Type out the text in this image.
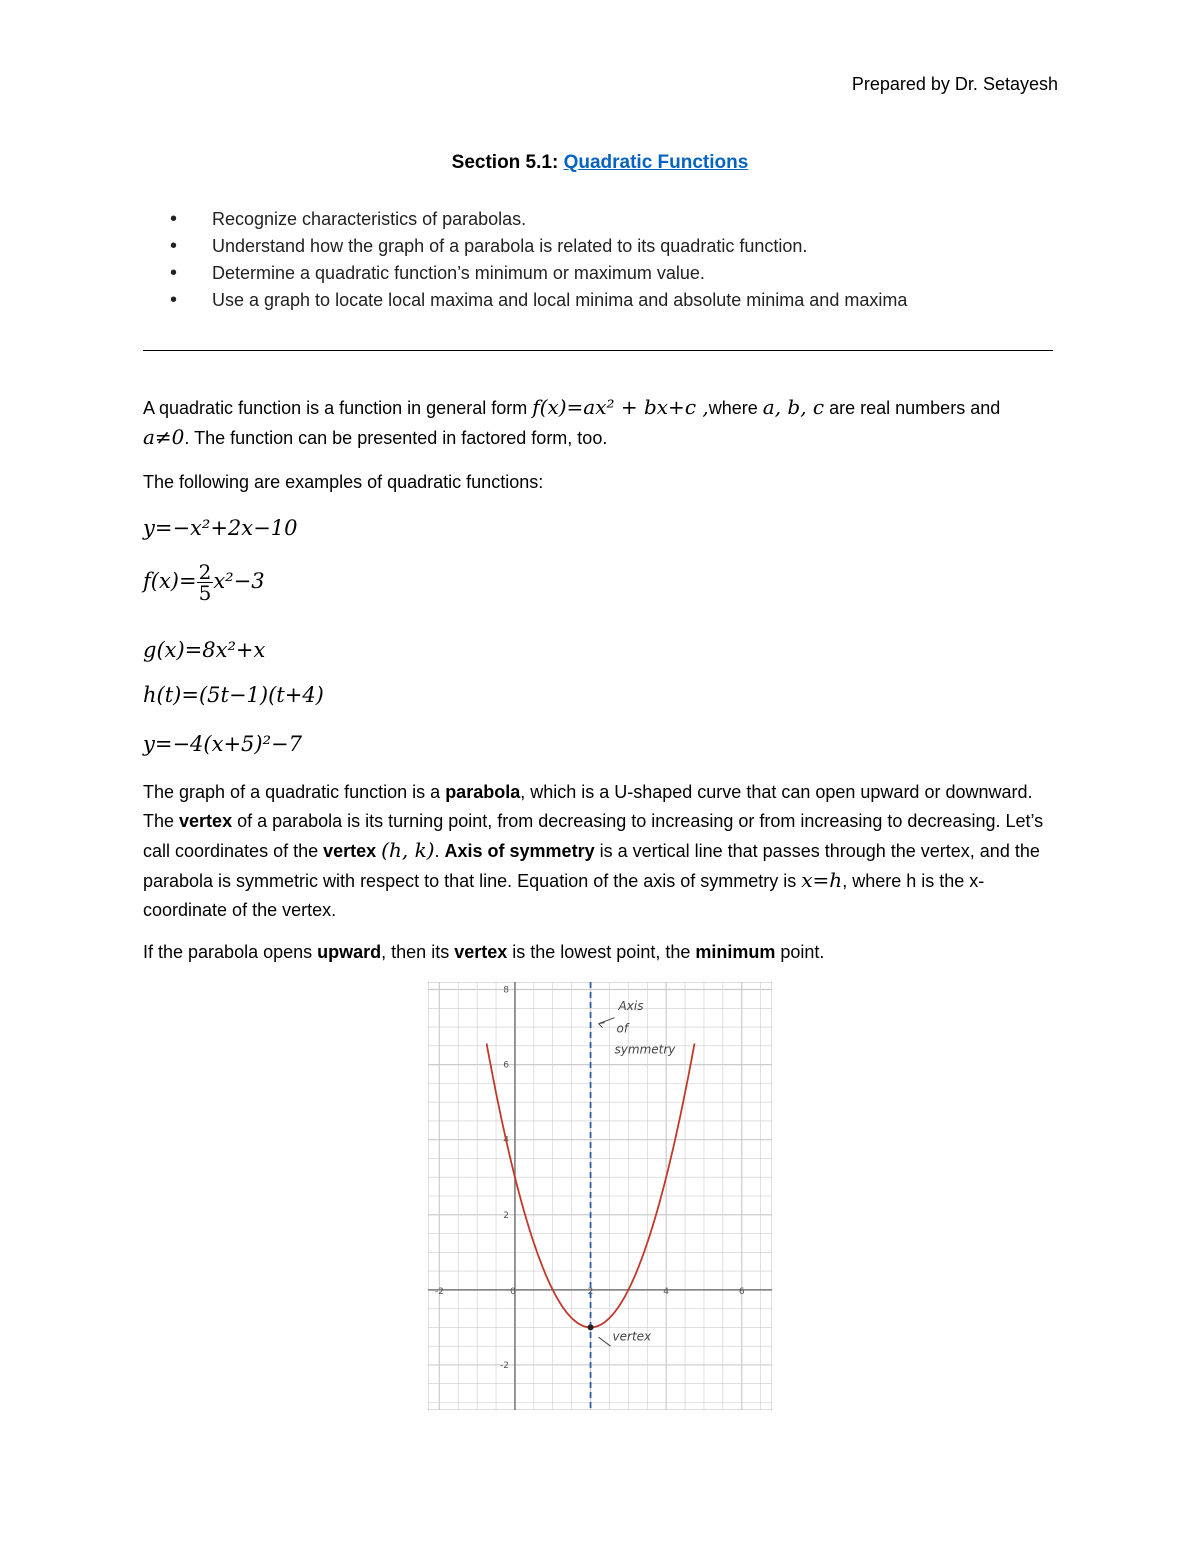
Prepared by Dr. Setayesh
Section 5.1: Quadratic Functions
• Recognize characteristics of parabolas.
• Understand how the graph of a parabola is related to its quadratic function.
• Determine a quadratic function’s minimum or maximum value.
• Use a graph to locate local maxima and local minima and absolute minima and maxima
A quadratic function is a function in general form f(x)=ax² + bx+c ,where a, b, c are real numbers and
a≠0. The function can be presented in factored form, too.
The following are examples of quadratic functions:
y=−x²+2x−10
$f(x)= \frac{2}{5} x^2-3$
g(x)=8x²+x
h(t)=(5t−1)(t+4)
y=−4(x+5)²−7
The graph of a quadratic function is a parabola, which is a U-shaped curve that can open upward or downward. The vertex of a parabola is its turning point, from decreasing to increasing or from increasing to decreasing. Let’s call coordinates of the vertex (h, k). Axis of symmetry is a vertical line that passes through the vertex, and the parabola is symmetric with respect to that line. Equation of the axis of symmetry is x=h, where h is the x-coordinate of the vertex.
If the parabola opens upward, then its vertex is the lowest point, the minimum point.
-2	0	2	4	6
8
6
4
2
-2
Axis
of
symmetry
vertex
